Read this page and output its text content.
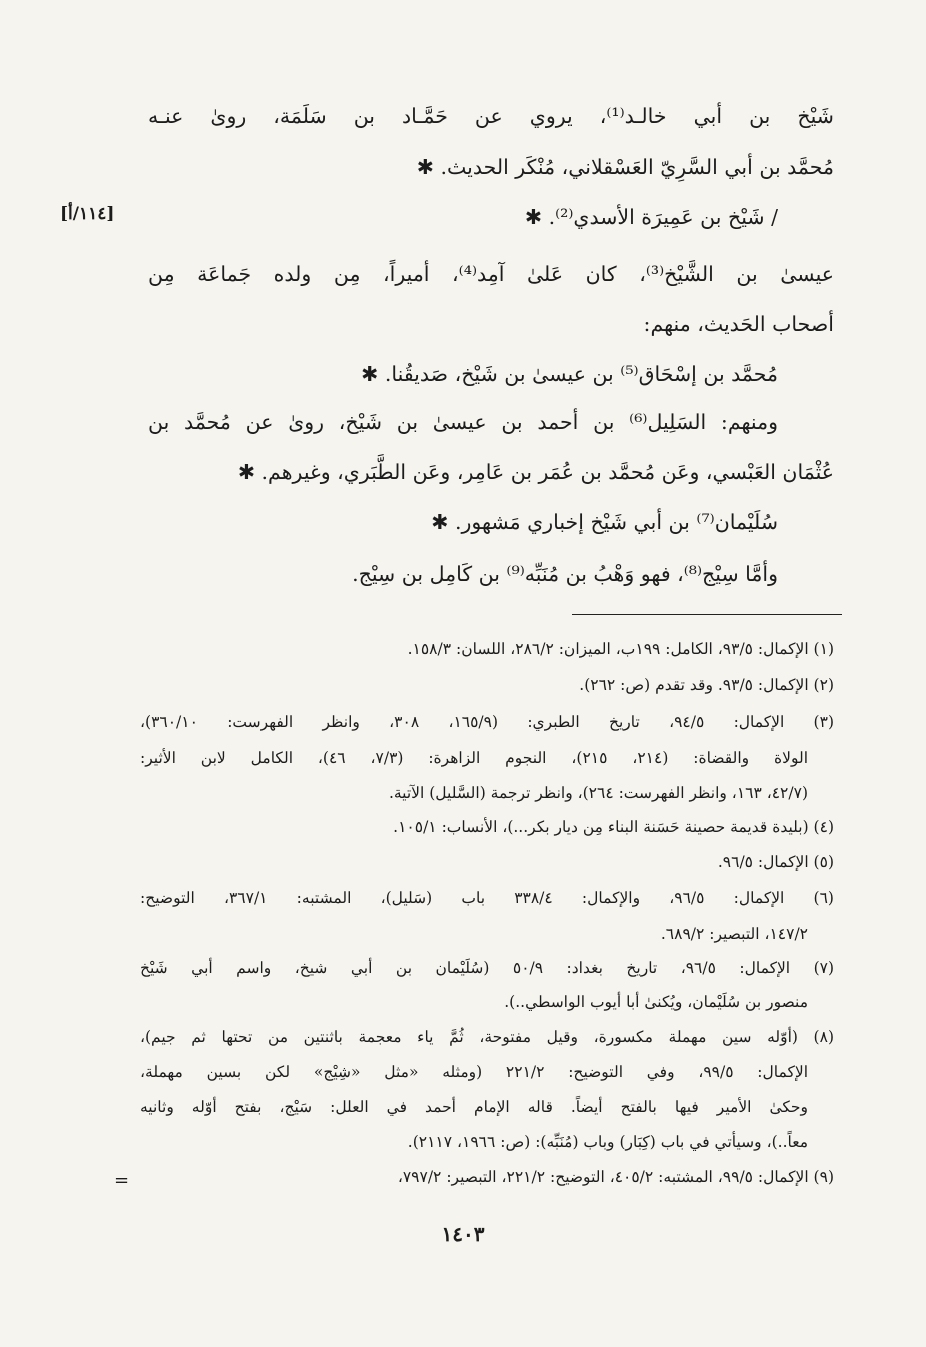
[١١٤/أ]

شَيْخ بن أبي خالـد⁽¹⁾، يروي عن حَمَّـاد بن سَلَمَة، روىٰ عنـه

مُحمَّد بن أبي السَّرِيّ العَسْقلاني، مُنْكَر الحديث. ✱

/ شَيْخ بن عَمِيرَة الأسدي⁽²⁾. ✱

عيسىٰ بن الشَّيْخ⁽³⁾، كان عَلىٰ آمِد⁽⁴⁾، أميراً، مِن ولده جَماعَة مِن

أصحاب الحَديث، منهم:

مُحمَّد بن إسْحَاق⁽⁵⁾ بن عيسىٰ بن شَيْخ، صَديقُنا. ✱

ومنهم: السَلِيل⁽⁶⁾ بن أحمد بن عيسىٰ بن شَيْخ، روىٰ عن مُحمَّد بن

عُثْمَان العَبْسي، وعَن مُحمَّد بن عُمَر بن عَامِر، وعَن الطَّبَري، وغيرهم. ✱

سُلَيْمان⁽⁷⁾ بن أبي شَيْخ إخباري مَشهور. ✱

وأمَّا سِيْج⁽⁸⁾، فهو وَهْبُ بن مُنَبِّه⁽⁹⁾ بن كَامِل بن سِيْج.

(١) الإكمال: ٩٣/٥، الكامل: ١٩٩ب، الميزان: ٢٨٦/٢، اللسان: ١٥٨/٣.

(٢) الإكمال: ٩٣/٥. وقد تقدم (ص: ٢٦٢).

(٣) الإكمال: ٩٤/٥، تاريخ الطبري: (١٦٥/٩، ٣٠٨، وانظر الفهرست: ٣٦٠/١٠)،

الولاة والقضاة: (٢١٤، ٢١٥)، النجوم الزاهرة: (٧/٣، ٤٦)، الكامل لابن الأثير:

(٤٢/٧، ١٦٣، وانظر الفهرست: ٢٦٤)، وانظر ترجمة (السَّليل) الآتية.

(٤) (بليدة قديمة حصينة حَسَنة البناء مِن ديار بكر...)، الأنساب: ١٠٥/١.

(٥) الإكمال: ٩٦/٥.

(٦) الإكمال: ٩٦/٥، والإكمال: ٣٣٨/٤ باب (سَليل)، المشتبه: ٣٦٧/١، التوضيح:

١٤٧/٢، التبصير: ٦٨٩/٢.

(٧) الإكمال: ٩٦/٥، تاريخ بغداد: ٥٠/٩ (سُلَيْمان بن أبي شيخ، واسم أبي شَيْخ

منصور بن سُلَيْمان، ويُكنىٰ أبا أيوب الواسطي..).

(٨) (أوّله سين مهملة مكسورة، وقيل مفتوحة، ثُمَّ ياء معجمة باثنتين من تحتها ثم جيم)،

الإكمال: ٩٩/٥، وفي التوضيح: ٢٢١/٢ (ومثله «مثل «شِيْج» لكن بسين مهملة،

وحكىٰ الأمير فيها بالفتح أيضاً. قاله الإمام أحمد في العلل: سَيْج، بفتح أوّله وثانيه

معاً..)، وسيأتي في باب (كِبَار) وباب (مُنَبِّه): (ص: ١٩٦٦، ٢١١٧).

(٩) الإكمال: ٩٩/٥، المشتبه: ٤٠٥/٢، التوضيح: ٢٢١/٢، التبصير: ٧٩٧/٢،

=
١٤٠٣
